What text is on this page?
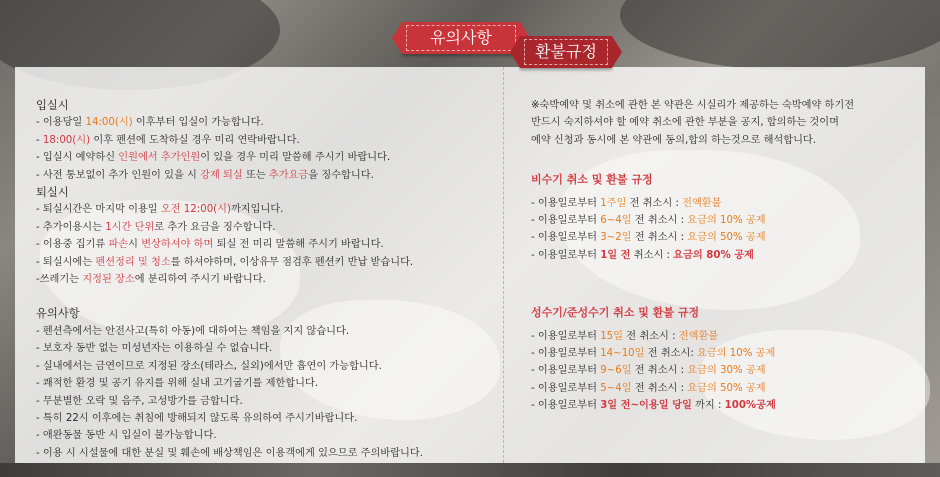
유의사항
환불규정
입실시
- 이용당일 14:00(시) 이후부터 입실이 가능합니다.
- 18:00(시) 이후 펜션에 도착하실 경우 미리 연락바랍니다.
- 입실시 예약하신 인원에서 추가인원이 있을 경우 미리 말씀해 주시기 바랍니다.
- 사전 통보없이 추가 인원이 있을 시 강제 퇴실 또는 추가요금을 징수합니다.
퇴실시
- 퇴실시간은 마지막 이용일 오전 12:00(시)까지입니다.
- 추가이용시는 1시간 단위로 추가 요금을 징수합니다.
- 이용중 집기류 파손시 변상하셔야 하며 퇴실 전 미리 말씀해 주시기 바랍니다.
- 퇴실시에는 펜션정리 및 청소를 하셔야하며, 이상유무 점검후 펜션키 반납 받습니다.
-쓰레기는 지정된 장소에 분리하여 주시기 바랍니다.
유의사항
- 펜션측에서는 안전사고(특히 아동)에 대하여는 책임을 지지 않습니다.
- 보호자 동반 없는 미성년자는 이용하실 수 없습니다.
- 실내에서는 금연이므로 지정된 장소(테라스, 실외)에서만 흡연이 가능합니다.
- 쾌적한 환경 및 공기 유지를 위해 실내 고기굽기를 제한합니다.
- 무분별한 오락 및 음주, 고성방가를 금합니다.
- 특히 22시 이후에는 취침에 방해되지 않도록 유의하여 주시기바랍니다.
- 애완동물 동반 시 입실이 불가능합니다.
- 이용 시 시설물에 대한 분실 및 훼손에 배상책임은 이용객에게 있으므로 주의바랍니다.
※숙박예약 및 취소에 관한 본 약관은 시실리가 제공하는 숙박예약 하기전
반드시 숙지하셔야 할 예약 취소에 관한 부분을 공지, 합의하는 것이며
예약 신청과 동시에 본 약관에 동의,합의 하는것으로 해석합니다.
비수기 취소 및 환불 규정
- 이용일로부터 1주일 전 취소시 : 전액환불
- 이용일로부터 6~4일 전 취소시 : 요금의 10% 공제
- 이용일로부터 3~2일 전 취소시 : 요금의 50% 공제
- 이용일로부터 1일 전 취소시 : 요금의 80% 공제
성수기/준성수기 취소 및 환불 규정
- 이용일로부터 15일 전 취소시 : 전액환불
- 이용일로부터 14~10일 전 취소시: 요금의 10% 공제
- 이용일로부터 9~6일 전 취소시 : 요금의 30% 공제
- 이용일로부터 5~4일 전 취소시 : 요금의 50% 공제
- 이용일로부터 3일 전~이용일 당일 까지 : 100%공제
